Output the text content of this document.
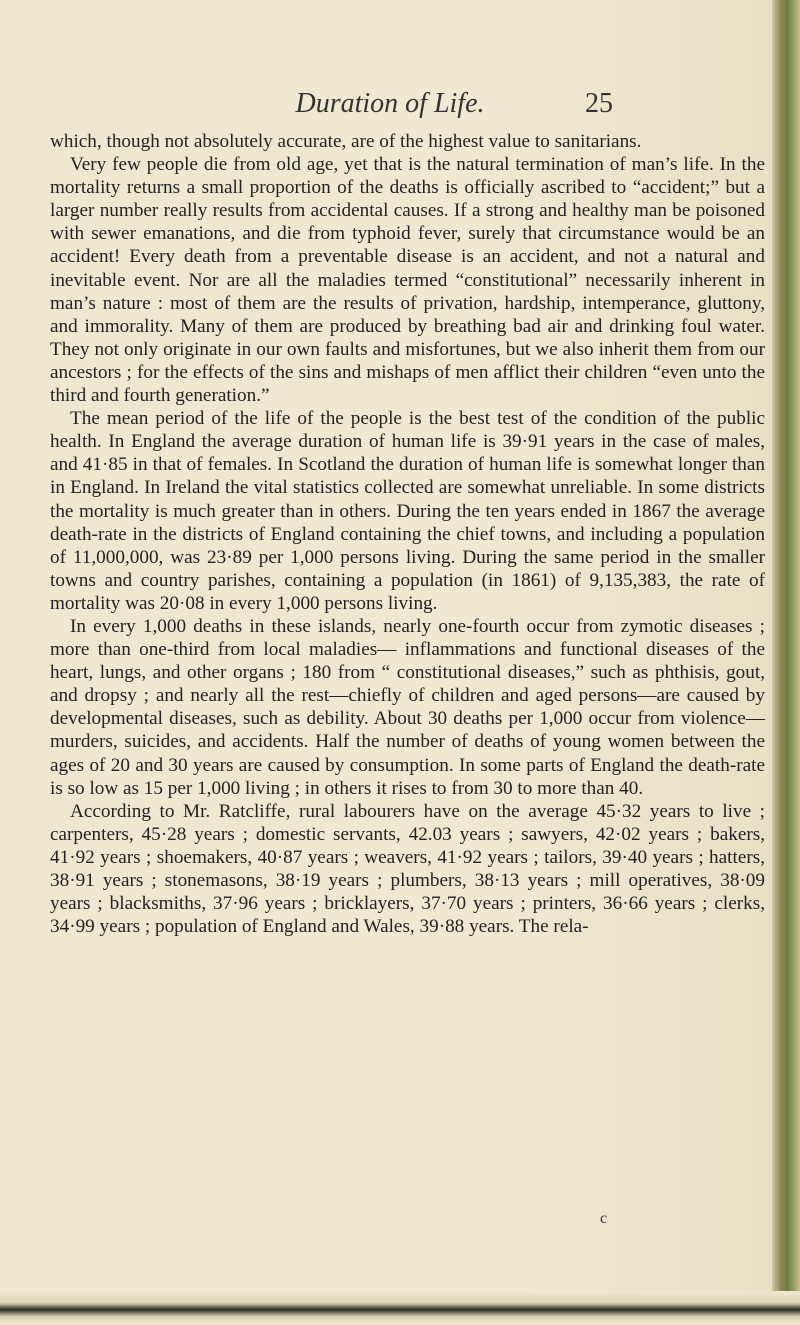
Duration of Life.	25

which, though not absolutely accurate, are of the highest value to sanitarians.

Very few people die from old age, yet that is the natural termination of man’s life. In the mortality returns a small proportion of the deaths is officially ascribed to “accident;” but a larger number really results from accidental causes. If a strong and healthy man be poisoned with sewer emanations, and die from typhoid fever, surely that circumstance would be an accident! Every death from a preventable disease is an accident, and not a natural and inevitable event. Nor are all the maladies termed “constitutional” necessarily inherent in man’s nature : most of them are the results of privation, hardship, intemperance, gluttony, and immorality. Many of them are produced by breathing bad air and drinking foul water. They not only originate in our own faults and misfortunes, but we also inherit them from our ancestors ; for the effects of the sins and mishaps of men afflict their children “even unto the third and fourth generation.”

The mean period of the life of the people is the best test of the condition of the public health. In England the average duration of human life is 39·91 years in the case of males, and 41·85 in that of females. In Scotland the duration of human life is somewhat longer than in England. In Ireland the vital statistics collected are somewhat unreliable. In some districts the mortality is much greater than in others. During the ten years ended in 1867 the average death-rate in the districts of England containing the chief towns, and including a population of 11,000,000, was 23·89 per 1,000 persons living. During the same period in the smaller towns and country parishes, containing a population (in 1861) of 9,135,383, the rate of mortality was 20·08 in every 1,000 persons living.

In every 1,000 deaths in these islands, nearly one-fourth occur from zymotic diseases ; more than one-third from local maladies— inflammations and functional diseases of the heart, lungs, and other organs ; 180 from “ constitutional diseases,” such as phthisis, gout, and dropsy ; and nearly all the rest—chiefly of children and aged persons—are caused by developmental diseases, such as debility. About 30 deaths per 1,000 occur from violence—murders, suicides, and accidents. Half the number of deaths of young women between the ages of 20 and 30 years are caused by consumption. In some parts of England the death-rate is so low as 15 per 1,000 living ; in others it rises to from 30 to more than 40.

According to Mr. Ratcliffe, rural labourers have on the average 45·32 years to live ; carpenters, 45·28 years ; domestic servants, 42.03 years ; sawyers, 42·02 years ; bakers, 41·92 years ; shoemakers, 40·87 years ; weavers, 41·92 years ; tailors, 39·40 years ; hatters, 38·91 years ; stonemasons, 38·19 years ; plumbers, 38·13 years ; mill operatives, 38·09 years ; blacksmiths, 37·96 years ; bricklayers, 37·70 years ; printers, 36·66 years ; clerks, 34·99 years ; population of England and Wales, 39·88 years. The rela-

c
